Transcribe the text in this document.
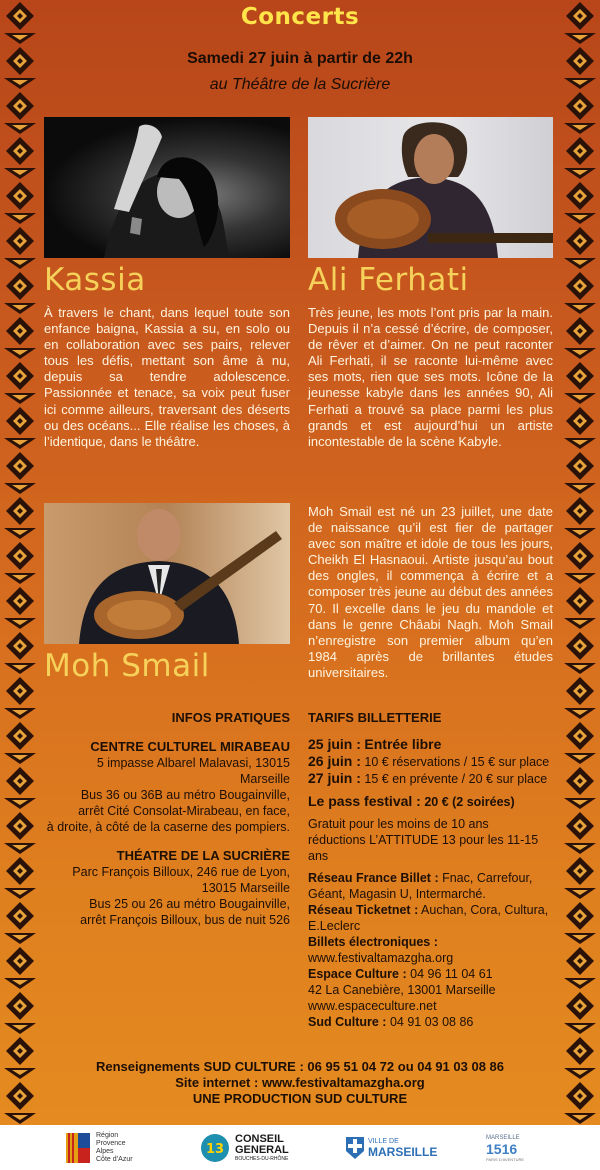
Concerts
Samedi 27 juin à partir de 22h
au Théâtre de la Sucrière
Kassia	Ali Ferhati
Moh Smail
À travers le chant, dans lequel toute son enfance baigna, Kassia a su, en solo ou en collaboration avec ses pairs, relever tous les défis, mettant son âme à nu, depuis sa tendre adolescence. Passionnée et tenace, sa voix peut fuser ici comme ailleurs, traversant des déserts ou des océans... Elle réalise les choses, à l’identique, dans le théâtre.
Très jeune, les mots l’ont pris par la main. Depuis il n’a cessé d’écrire, de composer, de rêver et d’aimer. On ne peut raconter Ali Ferhati, il se raconte lui-même avec ses mots, rien que ses mots. Icône de la jeunesse kabyle dans les années 90, Ali Ferhati a trouvé sa place parmi les plus grands et est aujourd’hui un artiste incontestable de la scène Kabyle.
Moh Smail est né un 23 juillet, une date de naissance qu’il est fier de partager avec son maître et idole de tous les jours, Cheikh El Hasnaoui. Artiste jusqu’au bout des ongles, il commença à écrire et a composer très jeune au début des années 70. Il excelle dans le jeu du mandole et dans le genre Châabi Nagh. Moh Smail n’enregistre son premier album qu’en 1984 après de brillantes études universitaires.
INFOS PRATIQUES
CENTRE CULTUREL MIRABEAU
5 impasse Albarel Malavasi, 13015 Marseille
Bus 36 ou 36B au métro Bougainville,
arrêt Cité Consolat-Mirabeau, en face,
à droite, à côté de la caserne des pompiers.
THÉATRE DE LA SUCRIÈRE
Parc François Billoux, 246 rue de Lyon,
13015 Marseille
Bus 25 ou 26 au métro Bougainville,
arrêt François Billoux, bus de nuit 526
TARIFS BILLETTERIE
25 juin : Entrée libre
26 juin : 10 € réservations / 15 € sur place
27 juin : 15 € en prévente / 20 € sur place
Le pass festival : 20 € (2 soirées)
Gratuit pour les moins de 10 ans
réductions L’ATTITUDE 13 pour les 11-15 ans
Réseau France Billet : Fnac, Carrefour,
Géant, Magasin U, Intermarché.
Réseau Ticketnet : Auchan, Cora, Cultura,
E.Leclerc
Billets électroniques :
www.festivaltamazgha.org
Espace Culture : 04 96 11 04 61
42 La Canebière, 13001 Marseille
www.espaceculture.net
Sud Culture : 04 91 03 08 86
Renseignements SUD CULTURE : 06 95 51 04 72 ou 04 91 03 08 86
Site internet : www.festivaltamazgha.org
UNE PRODUCTION SUD CULTURE
Région
Provence
Alpes
Côte d’Azur
13
CONSEIL
GENERAL
BOUCHES-DU-RHÔNE
VILLE DE
MARSEILLE
MARSEILLE
1516
PARIS D’AVENTURE
